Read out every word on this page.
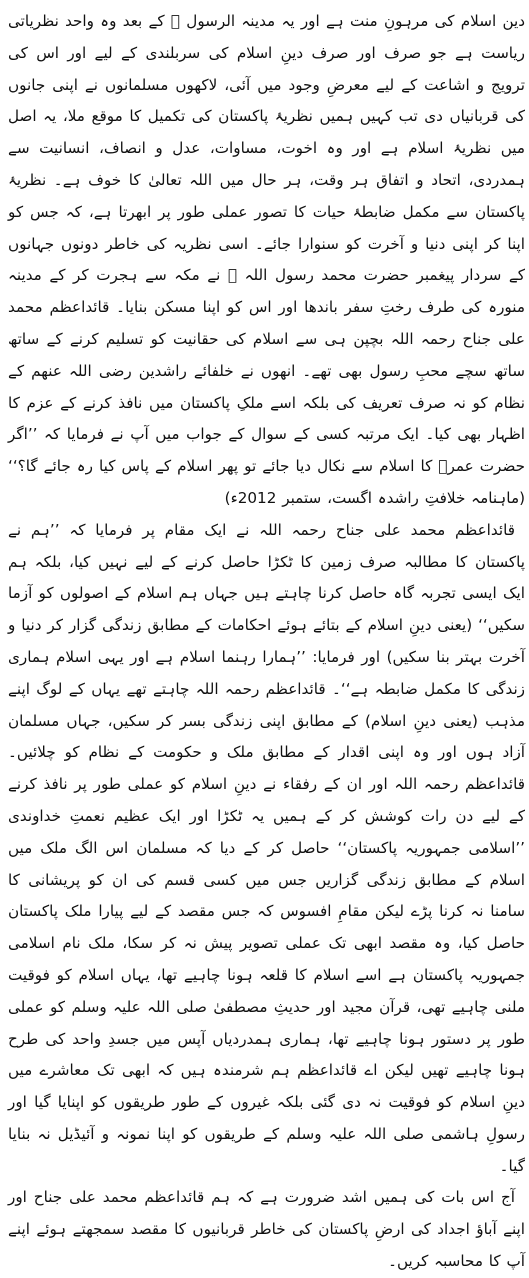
دین اسلام کی مرہونِ منت ہے اور یہ مدینہ الرسول ﷺ کے بعد وہ واحد نظریاتی ریاست ہے جو صرف اور صرف دینِ اسلام کی سربلندی کے لیے اور اس کی ترویج و اشاعت کے لیے معرضِ وجود میں آئی، لاکھوں مسلمانوں نے اپنی جانوں کی قربانیاں دی تب کہیں ہمیں نظریۂ پاکستان کی تکمیل کا موقع ملا، یہ اصل میں نظریۂ اسلام ہے اور وہ اخوت، مساوات، عدل و انصاف، انسانیت سے ہمدردی، اتحاد و اتفاق ہر وقت، ہر حال میں اللہ تعالیٰ کا خوف ہے۔ نظریۂ پاکستان سے مکمل ضابطۂ حیات کا تصور عملی طور پر ابھرتا ہے، کہ جس کو اپنا کر اپنی دنیا و آخرت کو سنوارا جائے۔ اسی نظریہ کی خاطر دونوں جہانوں کے سردار پیغمبر حضرت محمد رسول اللہ ﷺ نے مکہ سے ہجرت کر کے مدینہ منورہ کی طرف رختِ سفر باندھا اور اس کو اپنا مسکن بنایا۔ قائداعظم محمد علی جناح رحمہ اللہ بچپن ہی سے اسلام کی حقانیت کو تسلیم کرنے کے ساتھ ساتھ سچے محبِ رسول بھی تھے۔ انھوں نے خلفائے راشدین رضی اللہ عنھم کے نظام کو نہ صرف تعریف کی بلکہ اسے ملکِ پاکستان میں نافذ کرنے کے عزم کا اظہار بھی کیا۔ ایک مرتبہ کسی کے سوال کے جواب میں آپ نے فرمایا کہ ’’اگر حضرت عمرؓ کا اسلام سے نکال دیا جائے تو پھر اسلام کے پاس کیا رہ جائے گا؟‘‘ (ماہنامہ خلافتِ راشدہ اگست، ستمبر 2012ء)

قائداعظم محمد علی جناح رحمہ اللہ نے ایک مقام پر فرمایا کہ ’’ہم نے پاکستان کا مطالبہ صرف زمین کا ٹکڑا حاصل کرنے کے لیے نہیں کیا، بلکہ ہم ایک ایسی تجربہ گاہ حاصل کرنا چاہتے ہیں جہاں ہم اسلام کے اصولوں کو آزما سکیں‘‘ (یعنی دینِ اسلام کے بتائے ہوئے احکامات کے مطابق زندگی گزار کر دنیا و آخرت بہتر بنا سکیں) اور فرمایا: ’’ہمارا رہنما اسلام ہے اور یہی اسلام ہماری زندگی کا مکمل ضابطہ ہے‘‘۔ قائداعظم رحمہ اللہ چاہتے تھے یہاں کے لوگ اپنے مذہب (یعنی دینِ اسلام) کے مطابق اپنی زندگی بسر کر سکیں، جہاں مسلمان آزاد ہوں اور وہ اپنی اقدار کے مطابق ملک و حکومت کے نظام کو چلائیں۔ قائداعظم رحمہ اللہ اور ان کے رفقاء نے دینِ اسلام کو عملی طور پر نافذ کرنے کے لیے دن رات کوشش کر کے ہمیں یہ ٹکڑا اور ایک عظیم نعمتِ خداوندی ’’اسلامی جمہوریہ پاکستان‘‘ حاصل کر کے دیا کہ مسلمان اس الگ ملک میں اسلام کے مطابق زندگی گزاریں جس میں کسی قسم کی ان کو پریشانی کا سامنا نہ کرنا پڑے لیکن مقامِ افسوس کہ جس مقصد کے لیے پیارا ملک پاکستان حاصل کیا، وہ مقصد ابھی تک عملی تصویر پیش نہ کر سکا، ملک نام اسلامی جمہوریہ پاکستان ہے اسے اسلام کا قلعہ ہونا چاہیے تھا، یہاں اسلام کو فوقیت ملنی چاہیے تھی، قرآن مجید اور حدیثِ مصطفیٰ صلی اللہ علیہ وسلم کو عملی طور پر دستور ہونا چاہیے تھا، ہماری ہمدردیاں آپس میں جسدِ واحد کی طرح ہونا چاہیے تھیں لیکن اے قائداعظم ہم شرمندہ ہیں کہ ابھی تک معاشرے میں دینِ اسلام کو فوقیت نہ دی گئی بلکہ غیروں کے طور طریقوں کو اپنایا گیا اور رسولِ ہاشمی صلی اللہ علیہ وسلم کے طریقوں کو اپنا نمونہ و آئیڈیل نہ بنایا گیا۔

آج اس بات کی ہمیں اشد ضرورت ہے کہ ہم قائداعظم محمد علی جناح اور اپنے آباؤ اجداد کی ارضِ پاکستان کی خاطر قربانیوں کا مقصد سمجھتے ہوئے اپنے آپ کا محاسبہ کریں۔
